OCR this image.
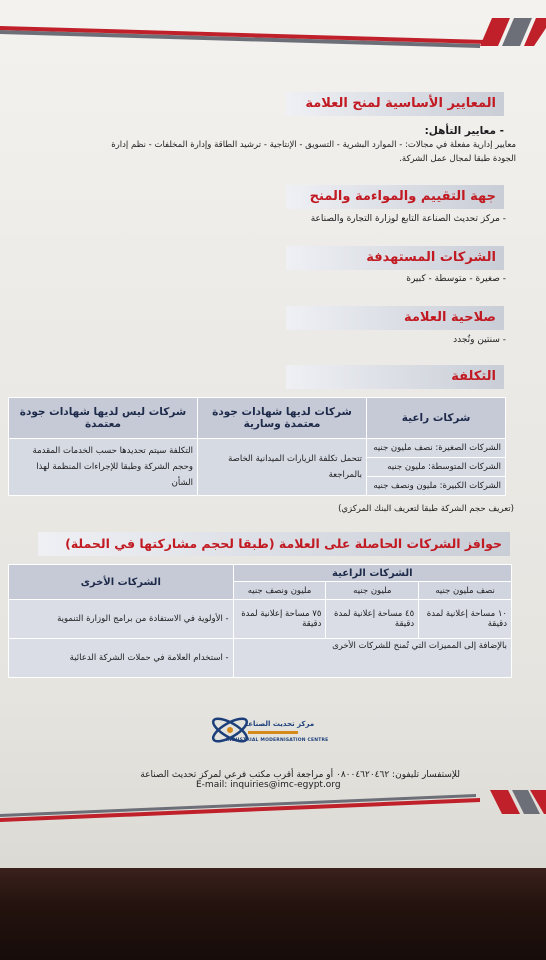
المعايير الأساسية لمنح العلامة
- معايير التأهل:
معايير إدارية مفعلة في مجالات: - الموارد البشرية - التسويق - الإنتاجية - ترشيد الطاقة وإدارة المخلفات - نظم إدارة
الجودة طبقا لمجال عمل الشركة.
جهة التقييم والمواءمة والمنح
- مركز تحديث الصناعة التابع لوزارة التجارة والصناعة
الشركات المستهدفة
- صغيرة - متوسطة - كبيرة
صلاحية العلامة
- سنتين وتُجدد
التكلفة
شركات ليس لديها شهادات جودة معتمدة	شركات لديها شهادات جودة معتمدة وسارية	شركات راعية
التكلفة سيتم تحديدها حسب الخدمات المقدمة وحجم الشركة وطبقا للإجراءات المنظمة لهذا الشأن	تتحمل تكلفة الزيارات الميدانية الخاصة بالمراجعة	الشركات الصغيرة: نصف مليون جنيه
		الشركات المتوسطة: مليون جنيه
		الشركات الكبيرة: مليون ونصف جنيه
(تعريف حجم الشركة طبقا لتعريف البنك المركزي)
حوافز الشركات الحاصلة على العلامة (طبقا لحجم مشاركتها في الحملة)
الشركات الأخرى	الشركات الراعية		
	مليون ونصف جنيه	مليون جنيه	نصف مليون جنيه
- الأولوية في الاستفادة من برامج الوزارة التنموية	٧٥ مساحة إعلانية لمدة دقيقة	٤٥ مساحة إعلانية لمدة دقيقة	١٠ مساحة إعلانية لمدة دقيقة
- استخدام العلامة في حملات الشركة الدعائية	بالإضافة إلى المميزات التي تُمنح للشركات الأخرى		
مركز تحديث الصناعة
INDUSTRIAL MODERNISATION CENTRE
للإستفسار تليفون: ٠٨٠٠٤٦٢٠٤٦٢ أو مراجعة أقرب مكتب فرعي لمركز تحديث الصناعة
E-mail: inquiries@imc-egypt.org
